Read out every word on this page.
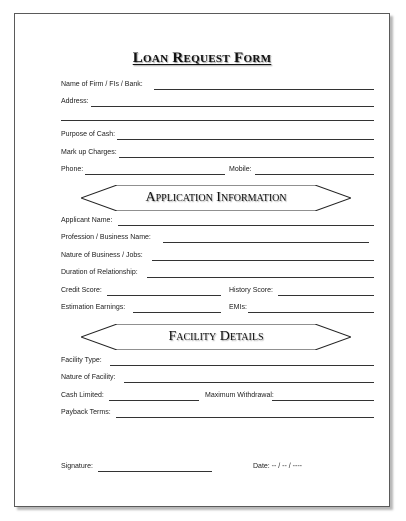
Loan Request Form
Name of Firm / FIs / Bank:
Address:
Purpose of Cash:
Mark up Charges:
Phone:	Mobile:
Application Information
Applicant Name:
Profession / Business Name:
Nature of Business / Jobs:
Duration of Relationship:
Credit Score:	History Score:
Estimation Earnings:	EMIs:
Facility Details
Facility Type:
Nature of Facility:
Cash Limited:	Maximum Withdrawal:
Payback Terms:
Signature:	Date: -- / -- / ----
